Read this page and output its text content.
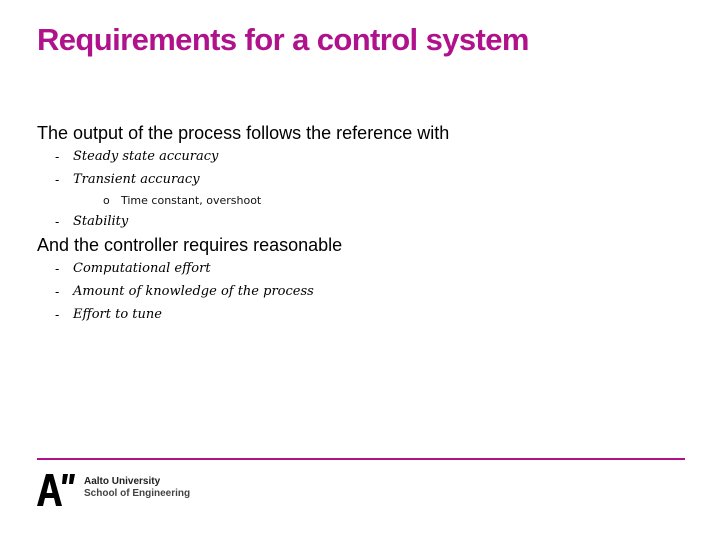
Requirements for a control system
The output of the process follows the reference with
- Steady state accuracy
- Transient accuracy
o Time constant, overshoot
- Stability
And the controller requires reasonable
- Computational effort
- Amount of knowledge of the process
- Effort to tune
Aalto University
School of Engineering
